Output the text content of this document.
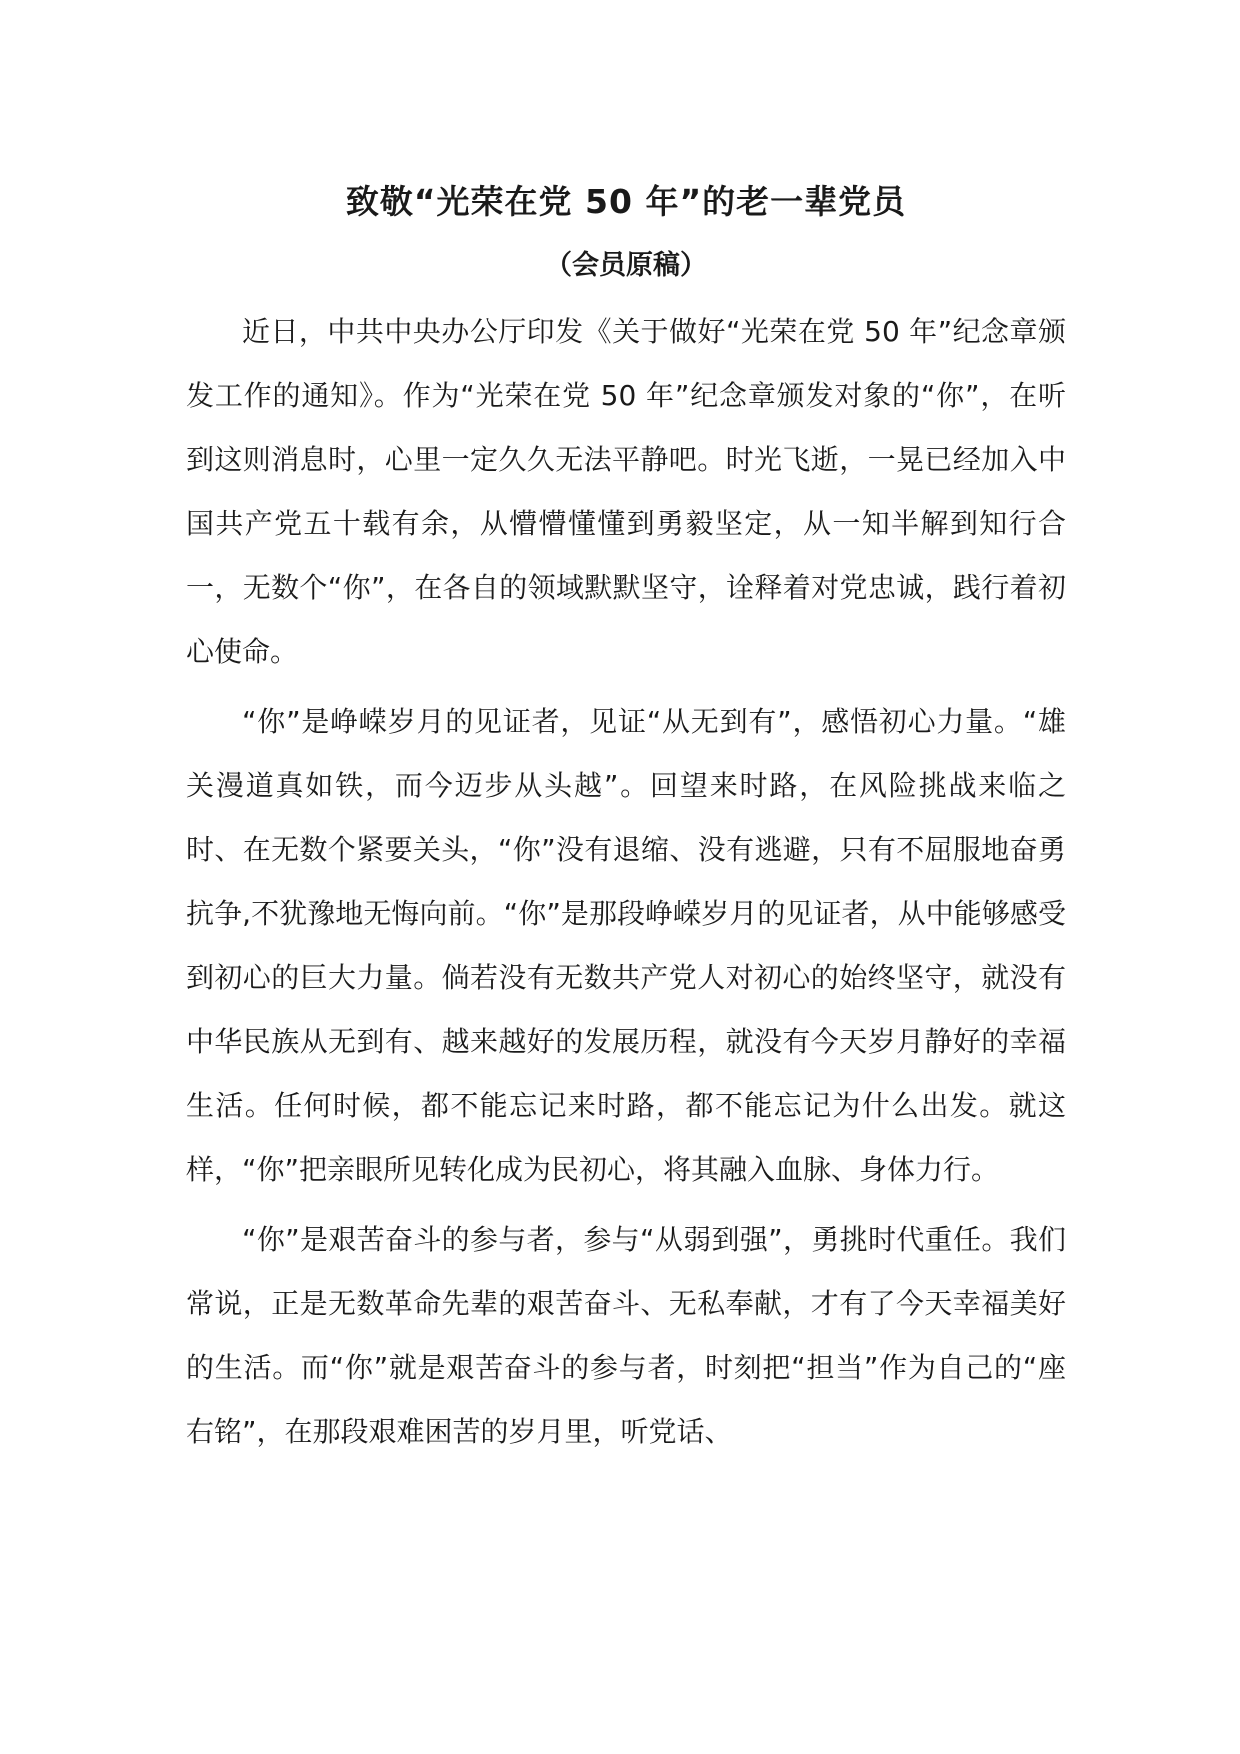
致敬“光荣在党 50 年”的老一辈党员
（会员原稿）

近日，中共中央办公厅印发《关于做好“光荣在党 50 年”纪念章颁发工作的通知》。作为“光荣在党 50 年”纪念章颁发对象的“你”，在听到这则消息时，心里一定久久无法平静吧。时光飞逝，一晃已经加入中国共产党五十载有余，从懵懵懂懂到勇毅坚定，从一知半解到知行合一，无数个“你”，在各自的领域默默坚守，诠释着对党忠诚，践行着初心使命。

“你”是峥嵘岁月的见证者，见证“从无到有”，感悟初心力量。“雄关漫道真如铁，而今迈步从头越”。回望来时路，在风险挑战来临之时、在无数个紧要关头，“你”没有退缩、没有逃避，只有不屈服地奋勇抗争,不犹豫地无悔向前。“你”是那段峥嵘岁月的见证者，从中能够感受到初心的巨大力量。倘若没有无数共产党人对初心的始终坚守，就没有中华民族从无到有、越来越好的发展历程，就没有今天岁月静好的幸福生活。任何时候，都不能忘记来时路，都不能忘记为什么出发。就这样，“你”把亲眼所见转化成为民初心，将其融入血脉、身体力行。

“你”是艰苦奋斗的参与者，参与“从弱到强”，勇挑时代重任。我们常说，正是无数革命先辈的艰苦奋斗、无私奉献，才有了今天幸福美好的生活。而“你”就是艰苦奋斗的参与者，时刻把“担当”作为自己的“座右铭”，在那段艰难困苦的岁月里，听党话、
